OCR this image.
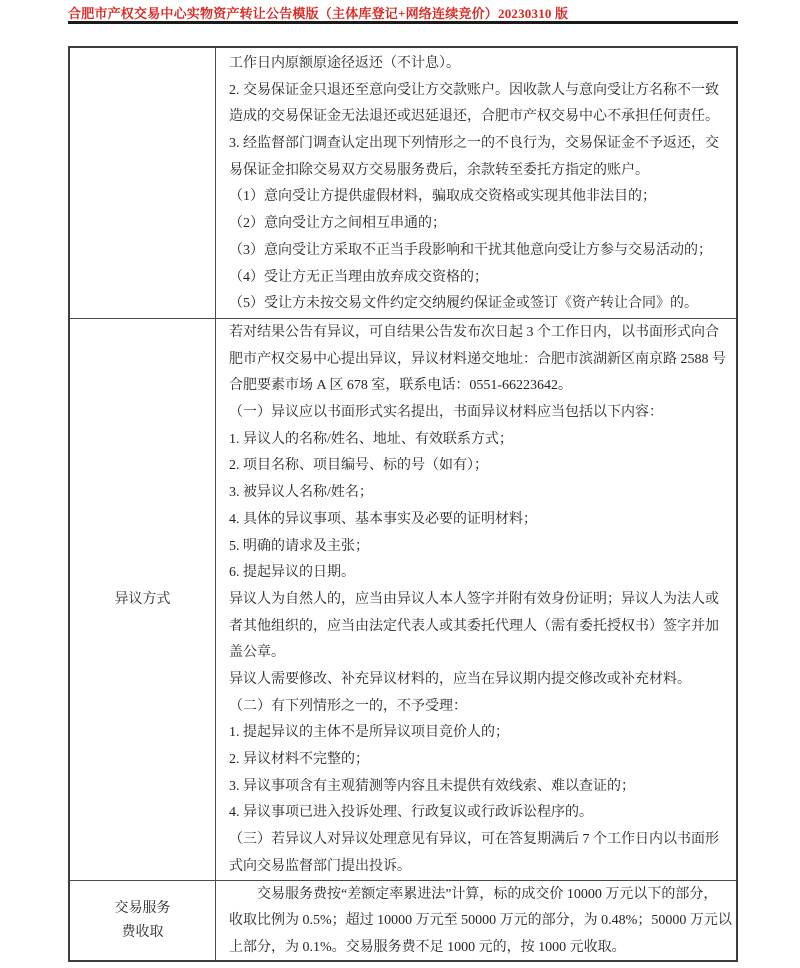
合肥市产权交易中心实物资产转让公告模版（主体库登记+网络连续竞价）20230310 版
工作日内原额原途径返还（不计息）。
2. 交易保证金只退还至意向受让方交款账户。因收款人与意向受让方名称不一致
造成的交易保证金无法退还或迟延退还，合肥市产权交易中心不承担任何责任。
3. 经监督部门调查认定出现下列情形之一的不良行为，交易保证金不予返还，交
易保证金扣除交易双方交易服务费后，余款转至委托方指定的账户。
（1）意向受让方提供虚假材料，骗取成交资格或实现其他非法目的；
（2）意向受让方之间相互串通的；
（3）意向受让方采取不正当手段影响和干扰其他意向受让方参与交易活动的；
（4）受让方无正当理由放弃成交资格的；
（5）受让方未按交易文件约定交纳履约保证金或签订《资产转让合同》的。
异议方式
若对结果公告有异议，可自结果公告发布次日起 3 个工作日内，以书面形式向合
肥市产权交易中心提出异议，异议材料递交地址：合肥市滨湖新区南京路 2588 号
合肥要素市场 A 区 678 室，联系电话：0551-66223642。
（一）异议应以书面形式实名提出，书面异议材料应当包括以下内容：
1. 异议人的名称/姓名、地址、有效联系方式；
2. 项目名称、项目编号、标的号（如有）；
3. 被异议人名称/姓名；
4. 具体的异议事项、基本事实及必要的证明材料；
5. 明确的请求及主张；
6. 提起异议的日期。
异议人为自然人的，应当由异议人本人签字并附有效身份证明；异议人为法人或
者其他组织的，应当由法定代表人或其委托代理人（需有委托授权书）签字并加
盖公章。
异议人需要修改、补充异议材料的，应当在异议期内提交修改或补充材料。
（二）有下列情形之一的，不予受理：
1. 提起异议的主体不是所异议项目竞价人的；
2. 异议材料不完整的；
3. 异议事项含有主观猜测等内容且未提供有效线索、难以查证的；
4. 异议事项已进入投诉处理、行政复议或行政诉讼程序的。
（三）若异议人对异议处理意见有异议，可在答复期满后 7 个工作日内以书面形
式向交易监督部门提出投诉。
交易服务费收取
　　交易服务费按“差额定率累进法”计算，标的成交价 10000 万元以下的部分，
收取比例为 0.5%；超过 10000 万元至 50000 万元的部分，为 0.48%；50000 万元以
上部分，为 0.1%。交易服务费不足 1000 元的，按 1000 元收取。
